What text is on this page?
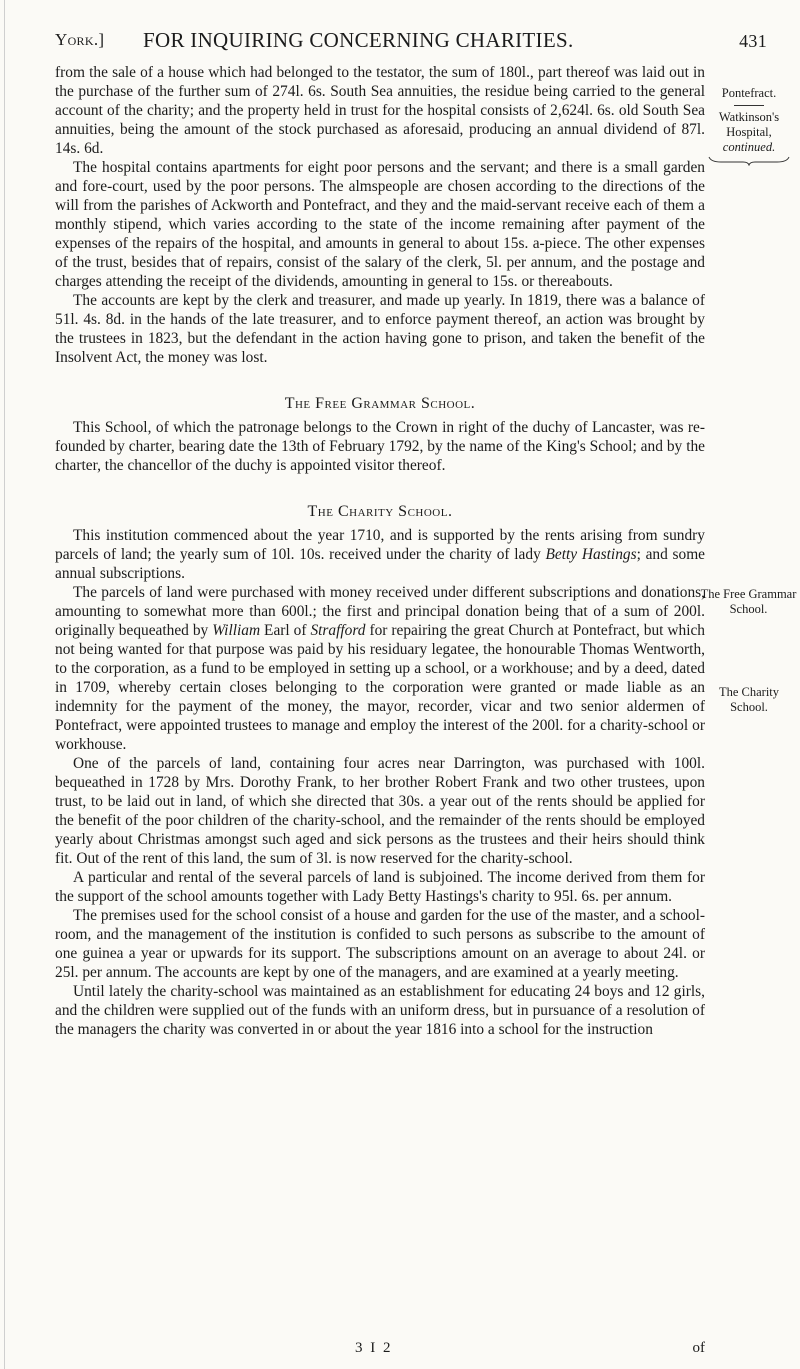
York.] FOR INQUIRING CONCERNING CHARITIES.	431

from the sale of a house which had belonged to the testator, the sum of 180l., part thereof was laid out in the purchase of the further sum of 274l. 6s. South Sea annuities, the residue being carried to the general account of the charity; and the property held in trust for the hospital consists of 2,624l. 6s. old South Sea annuities, being the amount of the stock purchased as aforesaid, producing an annual dividend of 87l. 14s. 6d.

The hospital contains apartments for eight poor persons and the servant; and there is a small garden and fore-court, used by the poor persons. The almspeople are chosen according to the directions of the will from the parishes of Ackworth and Pontefract, and they and the maid-servant receive each of them a monthly stipend, which varies according to the state of the income remaining after payment of the expenses of the repairs of the hospital, and amounts in general to about 15s. a-piece. The other expenses of the trust, besides that of repairs, consist of the salary of the clerk, 5l. per annum, and the postage and charges attending the receipt of the dividends, amounting in general to 15s. or thereabouts.

The accounts are kept by the clerk and treasurer, and made up yearly. In 1819, there was a balance of 51l. 4s. 8d. in the hands of the late treasurer, and to enforce payment thereof, an action was brought by the trustees in 1823, but the defendant in the action having gone to prison, and taken the benefit of the Insolvent Act, the money was lost.

The Free Grammar School.

This School, of which the patronage belongs to the Crown in right of the duchy of Lancaster, was re-founded by charter, bearing date the 13th of February 1792, by the name of the King's School; and by the charter, the chancellor of the duchy is appointed visitor thereof.

The Charity School.

This institution commenced about the year 1710, and is supported by the rents arising from sundry parcels of land; the yearly sum of 10l. 10s. received under the charity of lady Betty Hastings; and some annual subscriptions.

The parcels of land were purchased with money received under different subscriptions and donations, amounting to somewhat more than 600l.; the first and principal donation being that of a sum of 200l. originally bequeathed by William Earl of Strafford for repairing the great Church at Pontefract, but which not being wanted for that purpose was paid by his residuary legatee, the honourable Thomas Wentworth, to the corporation, as a fund to be employed in setting up a school, or a workhouse; and by a deed, dated in 1709, whereby certain closes belonging to the corporation were granted or made liable as an indemnity for the payment of the money, the mayor, recorder, vicar and two senior aldermen of Pontefract, were appointed trustees to manage and employ the interest of the 200l. for a charity-school or workhouse.

One of the parcels of land, containing four acres near Darrington, was purchased with 100l. bequeathed in 1728 by Mrs. Dorothy Frank, to her brother Robert Frank and two other trustees, upon trust, to be laid out in land, of which she directed that 30s. a year out of the rents should be applied for the benefit of the poor children of the charity-school, and the remainder of the rents should be employed yearly about Christmas amongst such aged and sick persons as the trustees and their heirs should think fit. Out of the rent of this land, the sum of 3l. is now reserved for the charity-school.

A particular and rental of the several parcels of land is subjoined. The income derived from them for the support of the school amounts together with Lady Betty Hastings's charity to 95l. 6s. per annum.

The premises used for the school consist of a house and garden for the use of the master, and a school-room, and the management of the institution is confided to such persons as subscribe to the amount of one guinea a year or upwards for its support. The subscriptions amount on an average to about 24l. or 25l. per annum. The accounts are kept by one of the managers, and are examined at a yearly meeting.

Until lately the charity-school was maintained as an establishment for educating 24 boys and 12 girls, and the children were supplied out of the funds with an uniform dress, but in pursuance of a resolution of the managers the charity was converted in or about the year 1816 into a school for the instruction

Pontefract.
Watkinson's
Hospital,
continued.
The Free Grammar School.
The Charity School.
3 I 2	of
